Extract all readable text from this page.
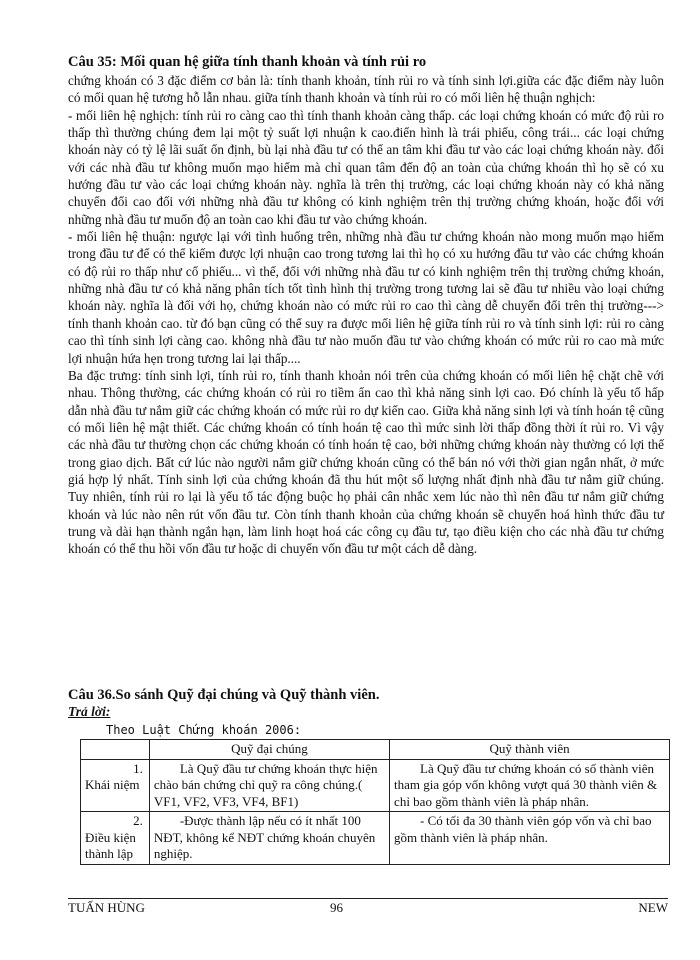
Câu 35: Mối quan hệ giữa tính thanh khoản và tính rủi ro

chứng khoán có 3 đặc điểm cơ bản là: tính thanh khoản, tính rủi ro và tính sinh lợi.giữa các đặc điểm này luôn có mối quan hệ tương hỗ lẫn nhau. giữa tính thanh khoản và tính rủi ro có mối liên hệ thuận nghịch:

- mối liên hệ nghịch: tính rủi ro càng cao thì tính thanh khoản càng thấp. các loại chứng khoán có mức độ rủi ro thấp thì thường chúng đem lại một tỷ suất lợi nhuận k cao.điển hình là trái phiếu, công trái... các loại chứng khoán này có tỷ lệ lãi suất ổn định, bù lại nhà đầu tư có thể an tâm khi đầu tư vào các loại chứng khoán này. đối với các nhà đầu tư không muốn mạo hiểm mà chỉ quan tâm đến độ an toàn của chứng khoán thì họ sẽ có xu hướng đầu tư vào các loại chứng khoán này. nghĩa là trên thị trường, các loại chứng khoán này có khả năng chuyển đổi cao đối với những nhà đầu tư không có kinh nghiệm trên thị trường chứng khoán, hoặc đối với những nhà đầu tư muốn độ an toàn cao khi đầu tư vào chứng khoán.

- mối liên hệ thuận: ngược lại với tình huống trên, những nhà đầu tư chứng khoán nào mong muốn mạo hiểm trong đầu tư để có thể kiếm được lợi nhuận cao trong tương lai thì họ có xu hướng đầu tư vào các chứng khoán có độ rủi ro thấp như cổ phiếu... vì thế, đối với những nhà đầu tư có kinh nghiệm trên thị trường chứng khoán, những nhà đầu tư có khả năng phân tích tốt tình hình thị trường trong tương lai sẽ đầu tư nhiều vào loại chứng khoán này. nghĩa là đối với họ, chứng khoán nào có mức rủi ro cao thì càng dễ chuyển đổi trên thị trường---> tính thanh khoản cao. từ đó bạn cũng có thể suy ra được mối liên hệ giữa tính rủi ro và tính sinh lợi: rủi ro càng cao thì tính sinh lợi càng cao. không nhà đầu tư nào muốn đầu tư vào chứng khoán có mức rủi ro cao mà mức lợi nhuận hứa hẹn trong tương lai lại thấp....

Ba đặc trưng: tính sinh lợi, tính rủi ro, tính thanh khoản nói trên của chứng khoán có mối liên hệ chặt chẽ với nhau. Thông thường, các chứng khoán có rủi ro tiềm ẩn cao thì khả năng sinh lợi cao. Đó chính là yếu tố hấp dẫn nhà đầu tư nắm giữ các chứng khoán có mức rủi ro dự kiến cao. Giữa khả năng sinh lợi và tính hoán tệ cũng có mối liên hệ mật thiết. Các chứng khoán có tính hoán tệ cao thì mức sinh lời thấp đồng thời ít rủi ro. Vì vậy các nhà đầu tư thường chọn các chứng khoán có tính hoán tệ cao, bởi những chứng khoán này thường có lợi thế trong giao dịch. Bất cứ lúc nào người nắm giữ chứng khoán cũng có thể bán nó với thời gian ngắn nhất, ở mức giá hợp lý nhất. Tính sinh lợi của chứng khoán đã thu hút một số lượng nhất định nhà đầu tư nắm giữ chúng. Tuy nhiên, tính rủi ro lại là yếu tố tác động buộc họ phải cân nhắc xem lúc nào thì nên đầu tư nắm giữ chứng khoán và lúc nào nên rút vốn đầu tư. Còn tính thanh khoản của chứng khoán sẽ chuyển hoá hình thức đầu tư trung và dài hạn thành ngắn hạn, làm linh hoạt hoá các công cụ đầu tư, tạo điều kiện cho các nhà đầu tư chứng khoán có thể thu hồi vốn đầu tư hoặc di chuyển vốn đầu tư một cách dễ dàng.

Câu 36.So sánh Quỹ đại chúng và Quỹ thành viên.
Trả lời:
Theo Luật Chứng khoán 2006:
	Quỹ đại chúng	Quỹ thành viên

1.
Khái niệm	Là Quỹ đầu tư chứng khoán thực hiện chào bán chứng chỉ quỹ ra công chúng.( VF1, VF2, VF3, VF4, BF1)	Là Quỹ đầu tư chứng khoán có số thành viên tham gia góp vốn không vượt quá 30 thành viên & chỉ bao gồm thành viên là pháp nhân.

2.
Điều kiện thành lập	-Được thành lập nếu có ít nhất 100 NĐT, không kể NĐT chứng khoán chuyên nghiệp.	- Có tối đa 30 thành viên góp vốn và chỉ bao gồm thành viên là pháp nhân.
TUẤN HÙNG	96	NEW
